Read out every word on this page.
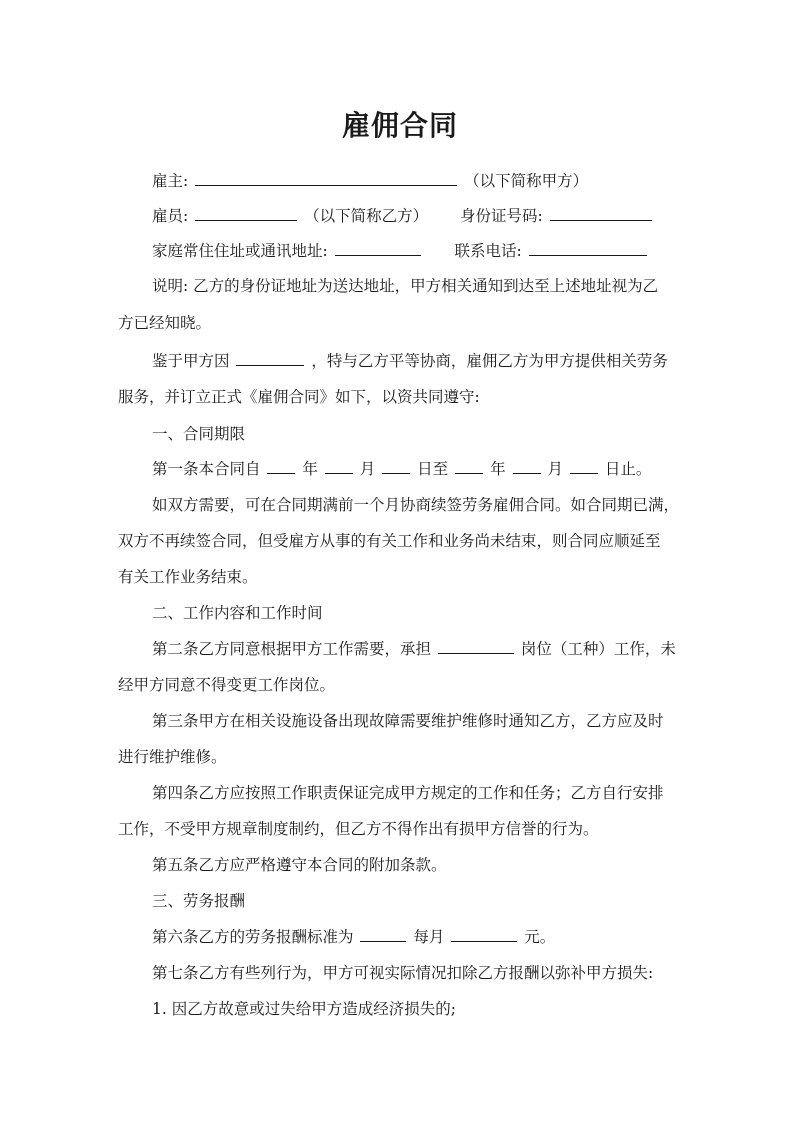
雇佣合同
雇主:	（以下简称甲方）
雇员:	（以下简称乙方） 身份证号码:
家庭常住住址或通讯地址:	联系电话:
说明: 乙方的身份证地址为送达地址，甲方相关通知到达至上述地址视为乙
方已经知晓。
鉴于甲方因	，特与乙方平等协商，雇佣乙方为甲方提供相关劳务
服务，并订立正式《雇佣合同》如下，以资共同遵守:
一、合同期限
第一条本合同自	年	月	日至	年	月	日止。
如双方需要，可在合同期满前一个月协商续签劳务雇佣合同。如合同期已满，
双方不再续签合同，但受雇方从事的有关工作和业务尚未结束，则合同应顺延至
有关工作业务结束。
二、工作内容和工作时间
第二条乙方同意根据甲方工作需要，承担	岗位（工种）工作，未
经甲方同意不得变更工作岗位。
第三条甲方在相关设施设备出现故障需要维护维修时通知乙方，乙方应及时
进行维护维修。
第四条乙方应按照工作职责保证完成甲方规定的工作和任务；乙方自行安排
工作，不受甲方规章制度制约，但乙方不得作出有损甲方信誉的行为。
第五条乙方应严格遵守本合同的附加条款。
三、劳务报酬
第六条乙方的劳务报酬标准为	每月	元。
第七条乙方有些列行为，甲方可视实际情况扣除乙方报酬以弥补甲方损失:
1. 因乙方故意或过失给甲方造成经济损失的;
